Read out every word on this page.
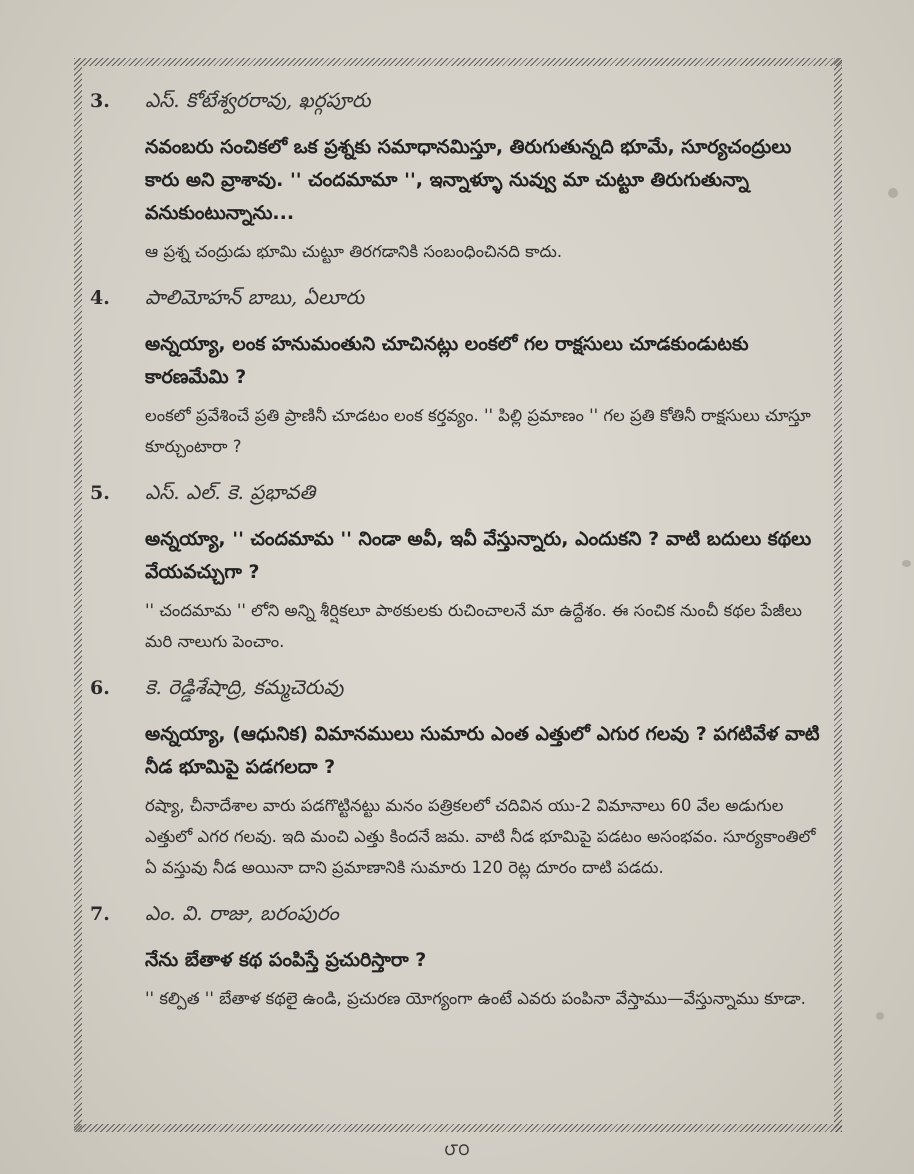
3.	ఎస్. కోటేశ్వరరావు, ఖర్గపూరు
నవంబరు సంచికలో ఒక ప్రశ్నకు సమాధానమిస్తూ, తిరుగుతున్నది భూమే, సూర్యచంద్రులు కారు అని వ్రాశావు. '' చందమామా '', ఇన్నాళ్ళూ నువ్వు మా చుట్టూ తిరుగుతున్నా వనుకుంటున్నాను...
ఆ ప్రశ్న చంద్రుడు భూమి చుట్టూ తిరగడానికి సంబంధించినది కాదు.
4.	పాలిమోహన్ బాబు, ఏలూరు
అన్నయ్యా, లంక హనుమంతుని చూచినట్లు లంకలో గల రాక్షసులు చూడకుండుటకు కారణమేమి ?
లంకలో ప్రవేశించే ప్రతి ప్రాణినీ చూడటం లంక కర్తవ్యం. '' పిల్లి ప్రమాణం '' గల ప్రతి కోతినీ రాక్షసులు చూస్తూ కూర్చుంటారా ?
5.	ఎస్. ఎల్. కె. ప్రభావతి
అన్నయ్యా, '' చందమామ '' నిండా అవీ, ఇవీ వేస్తున్నారు, ఎందుకని ? వాటి బదులు కథలు వేయవచ్చుగా ?
'' చందమామ '' లోని అన్ని శీర్షికలూ పాఠకులకు రుచించాలనే మా ఉద్దేశం. ఈ సంచిక నుంచీ కథల పేజీలు మరి నాలుగు పెంచాం.
6.	కె. రెడ్డిశేషాద్రి, కమ్మచెరువు
అన్నయ్యా, (ఆధునిక) విమానములు సుమారు ఎంత ఎత్తులో ఎగుర గలవు ? పగటివేళ వాటి నీడ భూమిపై పడగలదా ?
రష్యా, చీనాదేశాల వారు పడగొట్టినట్టు మనం పత్రికలలో చదివిన యు-2 విమానాలు 60 వేల అడుగుల ఎత్తులో ఎగర గలవు. ఇది మంచి ఎత్తు కిందనే జమ. వాటి నీడ భూమిపై పడటం అసంభవం. సూర్యకాంతిలో ఏ వస్తువు నీడ అయినా దాని ప్రమాణానికి సుమారు 120 రెట్ల దూరం దాటి పడదు.
7.	ఎం. వి. రాజు, బరంపురం
నేను బేతాళ కథ పంపిస్తే ప్రచురిస్తారా ?
'' కల్పిత '' బేతాళ కథలై ఉండి, ప్రచురణ యోగ్యంగా ఉంటే ఎవరు పంపినా వేస్తాము—వేస్తున్నాము కూడా.
౮౦
